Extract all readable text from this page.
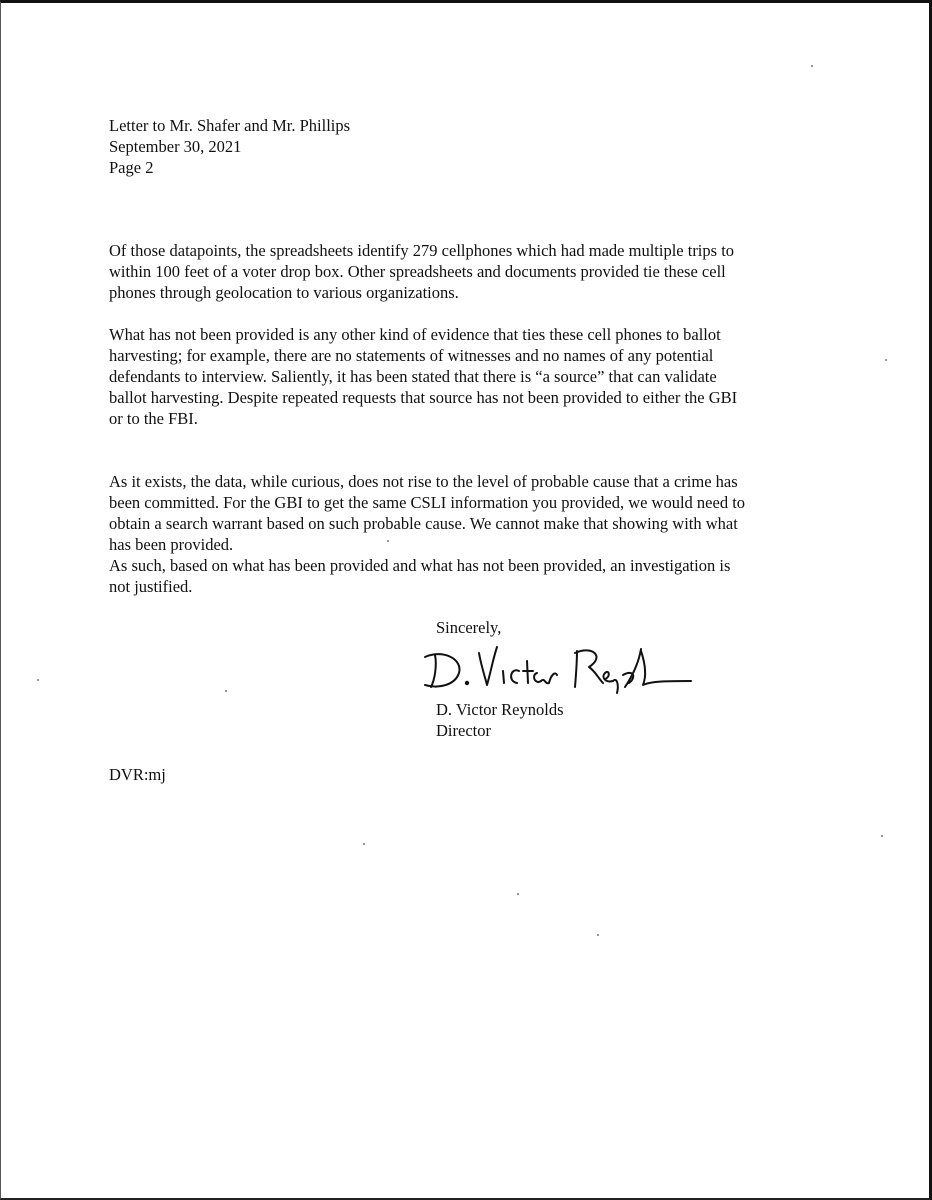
Letter to Mr. Shafer and Mr. Phillips
September 30, 2021
Page 2
Of those datapoints, the spreadsheets identify 279 cellphones which had made multiple trips to
within 100 feet of a voter drop box. Other spreadsheets and documents provided tie these cell
phones through geolocation to various organizations.
What has not been provided is any other kind of evidence that ties these cell phones to ballot
harvesting; for example, there are no statements of witnesses and no names of any potential
defendants to interview. Saliently, it has been stated that there is “a source” that can validate
ballot harvesting. Despite repeated requests that source has not been provided to either the GBI
or to the FBI.
As it exists, the data, while curious, does not rise to the level of probable cause that a crime has
been committed. For the GBI to get the same CSLI information you provided, we would need to
obtain a search warrant based on such probable cause. We cannot make that showing with what
has been provided.
As such, based on what has been provided and what has not been provided, an investigation is
not justified.
Sincerely,
D. Victor Reynolds
Director
DVR:mj
